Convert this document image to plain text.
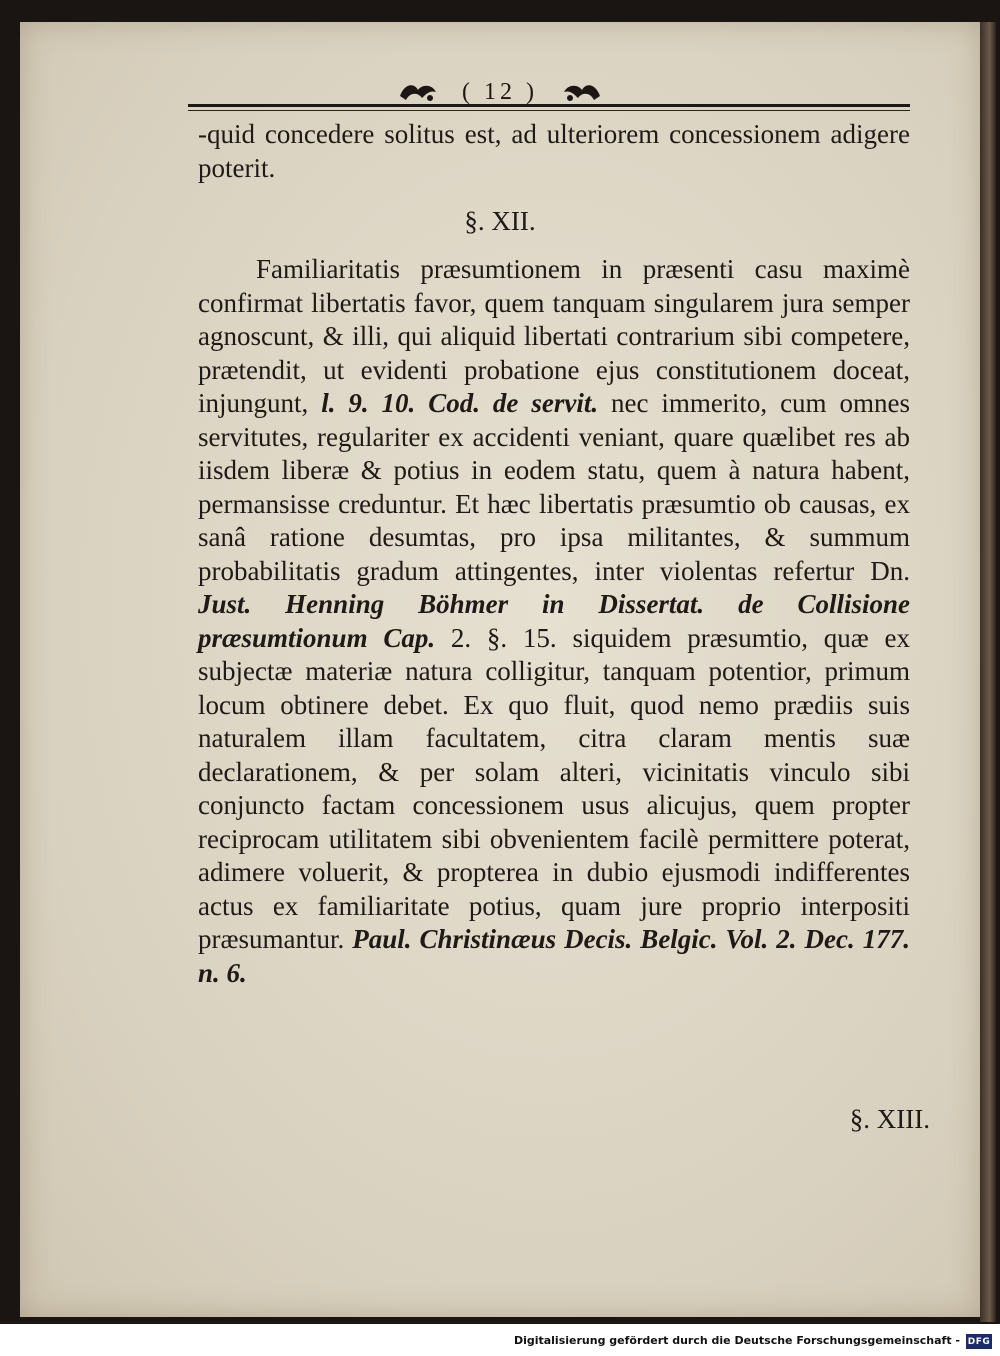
( 12 )

-quid concedere solitus est, ad ulteriorem concessionem adigere poterit.

§. XII.

Familiaritatis præsumtionem in præsenti casu maximè confirmat libertatis favor, quem tanquam singularem jura semper agnoscunt, & illi, qui aliquid libertati contrarium sibi competere, prætendit, ut evidenti probatione ejus constitutionem doceat, injungunt, l. 9. 10. Cod. de servit. nec immerito, cum omnes servitutes, regulariter ex accidenti veniant, quare quælibet res ab iisdem liberæ & potius in eodem statu, quem à natura habent, permansisse creduntur. Et hæc libertatis præsumtio ob causas, ex sanâ ratione desumtas, pro ipsa militantes, & summum probabilitatis gradum attingentes, inter violentas refertur Dn. Just. Henning Böhmer in Dissertat. de Collisione præsumtionum Cap. 2. §. 15. siquidem præsumtio, quæ ex subjectæ materiæ natura colligitur, tanquam potentior, primum locum obtinere debet. Ex quo fluit, quod nemo prædiis suis naturalem illam facultatem, citra claram mentis suæ declarationem, & per solam alteri, vicinitatis vinculo sibi conjuncto factam concessionem usus alicujus, quem propter reciprocam utilitatem sibi obvenientem facilè permittere poterat, adimere voluerit, & propterea in dubio ejusmodi indifferentes actus ex familiaritate potius, quam jure proprio interpositi præsumantur. Paul. Christinæus Decis. Belgic. Vol. 2. Dec. 177. n. 6.

§. XIII.
Digitalisierung gefördert durch die Deutsche Forschungsgemeinschaft - DFG
